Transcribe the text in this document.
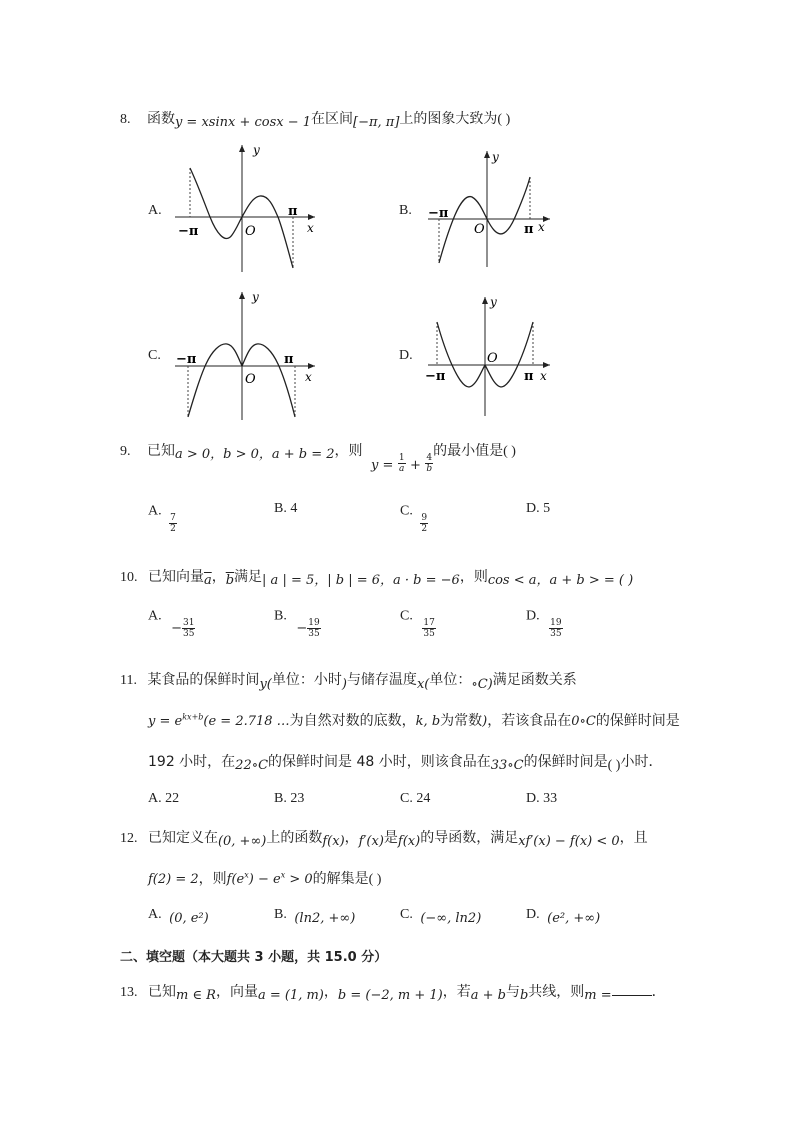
8. 函数y = xsinx + cosx − 1在区间[−π, π]上的图象大致为( )
A.
y
x
O
−π
π	B.
y
x
O
−π
π
C.
y
x
O
−π	π	D.
y
x
O
−π	π
9. 已知a > 0，b > 0，a + b = 2，则 $y = \frac{1}{a} + \frac{4}{b}$
的最小值是( )
A.
$\frac{7}{2}$
B. 4	C.
$\frac{9}{2}$
D. 5
10. 已知向量$\overline{a}$，$\overline{b}$满足| a | = 5，| b | = 6，a · b = −6，则cos < a，a + b > = ( )
A. − $\frac{31}{35}$
B. − $\frac{19}{35}$
C.
$\frac{17}{35}$
D.
$\frac{19}{35}$
11. 某食品的保鲜时间y(单位：小时)与储存温度x(单位：∘C)满足函数关系
$y = e^{kx+b}(e = 2.718$ …为自然对数的底数，k, b为常数)，若该食品在0∘C的保鲜时间是
192 小时，在22∘C的保鲜时间是 48 小时，则该食品在33∘C的保鲜时间是( )小时．
A. 22	B. 23	C. 24	D. 33
12. 已知定义在(0, +∞)上的函数f(x)，f′(x)是f(x)的导函数，满足xf′(x) − f(x) < 0，且
f(2) = 2，则$f(e^x) - e^x > 0$的解集是( )
A. (0, e²)	B. (ln2, +∞)	C. (−∞, ln2)	D. (e², +∞)
二、填空题（本大题共 3 小题，共 15.0 分）
13. 已知m ∈ R，向量a = (1, m)，b = (−2, m + 1)，若a + b与b共线，则m =	．
